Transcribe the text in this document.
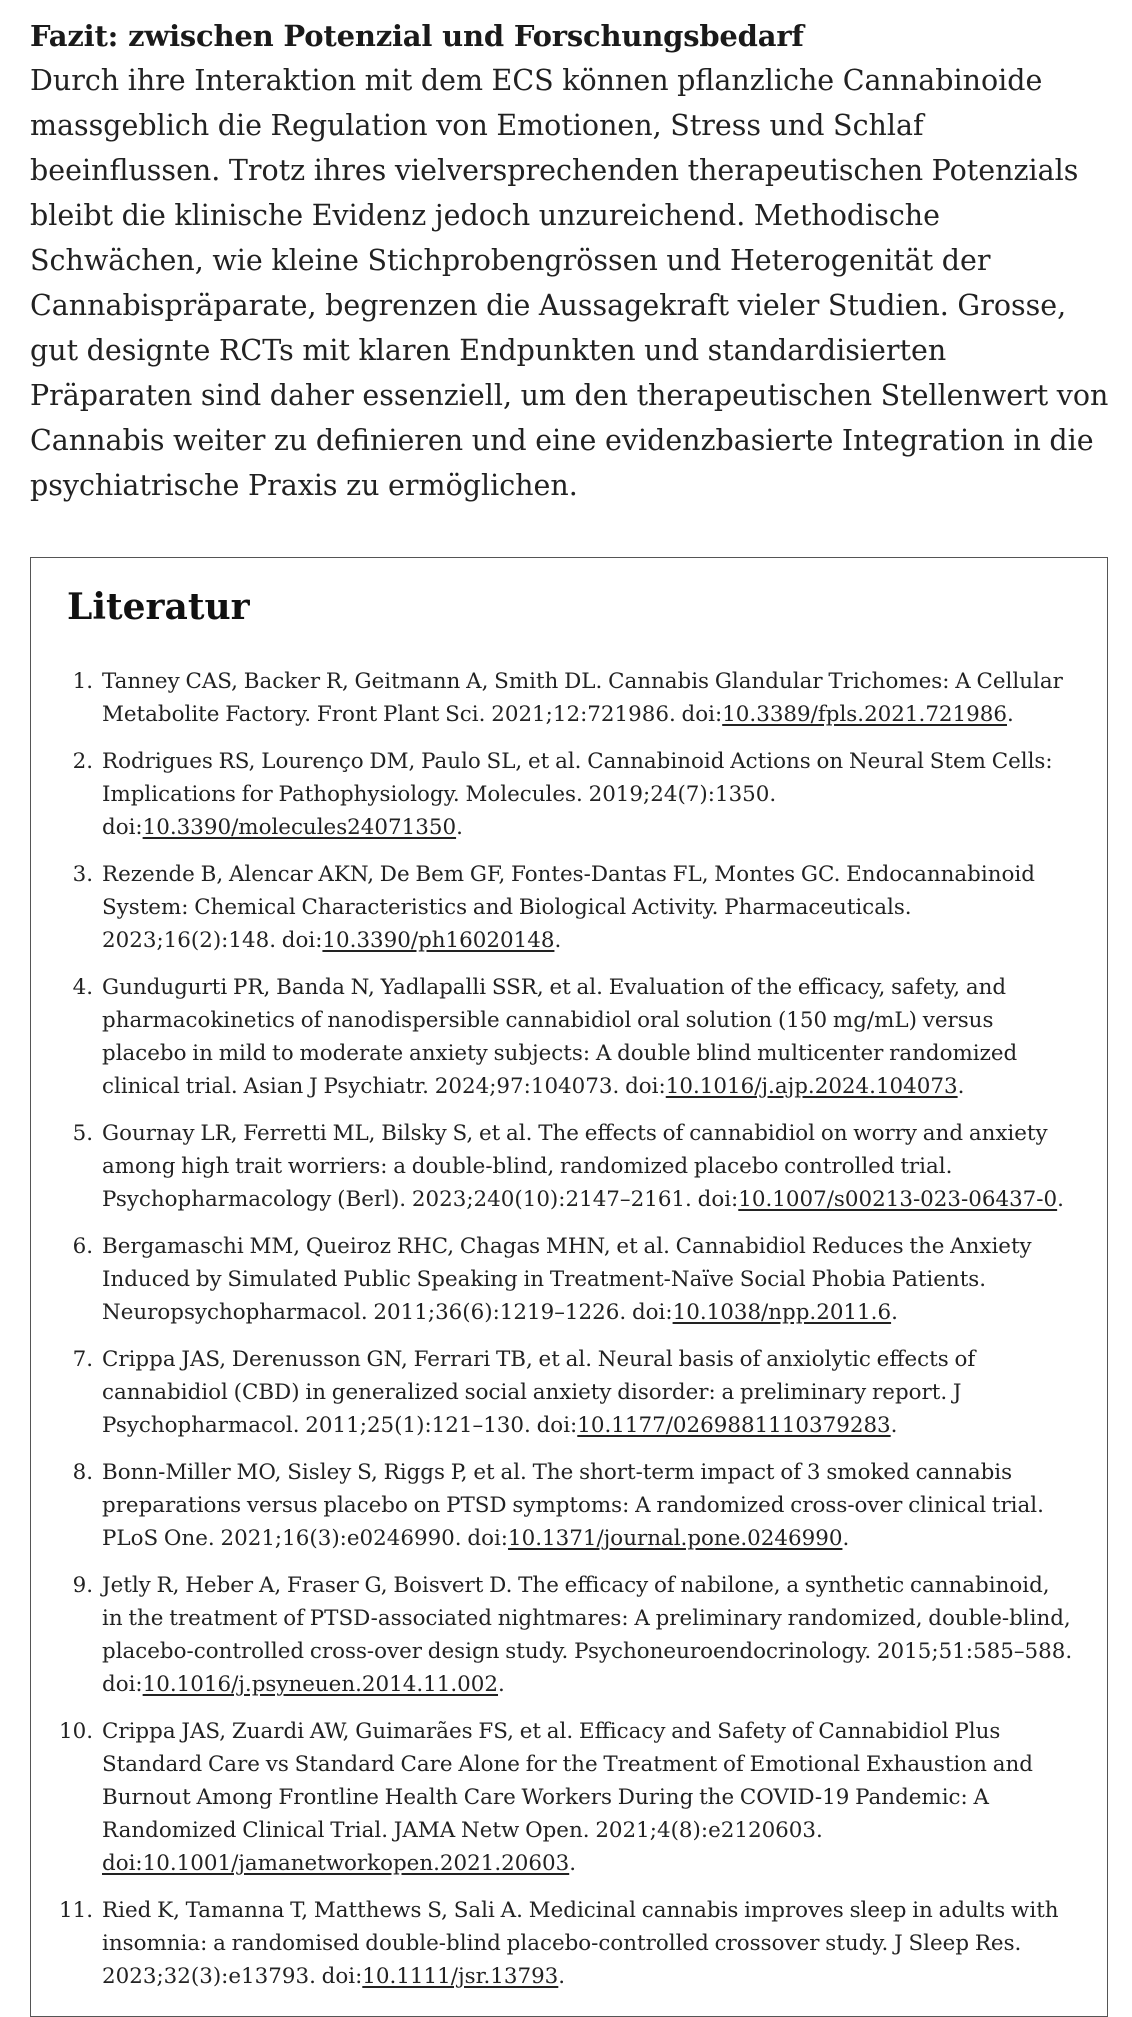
Fazit: zwischen Potenzial und Forschungsbedarf

Durch ihre Interaktion mit dem ECS können pflanzliche Cannabinoide massgeblich die Regulation von Emotionen, Stress und Schlaf beeinflussen. Trotz ihres vielversprechenden therapeutischen Potenzials bleibt die klinische Evidenz jedoch unzureichend. Methodische Schwächen, wie kleine Stichprobengrössen und Heterogenität der Cannabispräparate, begrenzen die Aussagekraft vieler Studien. Grosse, gut designte RCTs mit klaren Endpunkten und standardisierten Präparaten sind daher essenziell, um den therapeutischen Stellenwert von Cannabis weiter zu definieren und eine evidenzbasierte Integration in die psychiatrische Praxis zu ermöglichen.

Literatur
1. Tanney CAS, Backer R, Geitmann A, Smith DL. Cannabis Glandular Trichomes: A Cellular Metabolite Factory. Front Plant Sci. 2021;12:721986. doi:10.3389/fpls.2021.721986.
2. Rodrigues RS, Lourenço DM, Paulo SL, et al. Cannabinoid Actions on Neural Stem Cells: Implications for Pathophysiology. Molecules. 2019;24(7):1350. doi:10.3390/molecules24071350.
3. Rezende B, Alencar AKN, De Bem GF, Fontes-Dantas FL, Montes GC. Endocannabinoid System: Chemical Characteristics and Biological Activity. Pharmaceuticals. 2023;16(2):148. doi:10.3390/ph16020148.
4. Gundugurti PR, Banda N, Yadlapalli SSR, et al. Evaluation of the efficacy, safety, and pharmacokinetics of nanodispersible cannabidiol oral solution (150 mg/mL) versus placebo in mild to moderate anxiety subjects: A double blind multicenter randomized clinical trial. Asian J Psychiatr. 2024;97:104073. doi:10.1016/j.ajp.2024.104073.
5. Gournay LR, Ferretti ML, Bilsky S, et al. The effects of cannabidiol on worry and anxiety among high trait worriers: a double-blind, randomized placebo controlled trial. Psychopharmacology (Berl). 2023;240(10):2147–2161. doi:10.1007/s00213-023-06437-0.
6. Bergamaschi MM, Queiroz RHC, Chagas MHN, et al. Cannabidiol Reduces the Anxiety Induced by Simulated Public Speaking in Treatment-Naïve Social Phobia Patients. Neuropsychopharmacol. 2011;36(6):1219–1226. doi:10.1038/npp.2011.6.
7. Crippa JAS, Derenusson GN, Ferrari TB, et al. Neural basis of anxiolytic effects of cannabidiol (CBD) in generalized social anxiety disorder: a preliminary report. J Psychopharmacol. 2011;25(1):121–130. doi:10.1177/0269881110379283.
8. Bonn-Miller MO, Sisley S, Riggs P, et al. The short-term impact of 3 smoked cannabis preparations versus placebo on PTSD symptoms: A randomized cross-over clinical trial. PLoS One. 2021;16(3):e0246990. doi:10.1371/journal.pone.0246990.
9. Jetly R, Heber A, Fraser G, Boisvert D. The efficacy of nabilone, a synthetic cannabinoid, in the treatment of PTSD-associated nightmares: A preliminary randomized, double-blind, placebo-controlled cross-over design study. Psychoneuroendocrinology. 2015;51:585–588. doi:10.1016/j.psyneuen.2014.11.002.
10. Crippa JAS, Zuardi AW, Guimarães FS, et al. Efficacy and Safety of Cannabidiol Plus Standard Care vs Standard Care Alone for the Treatment of Emotional Exhaustion and Burnout Among Frontline Health Care Workers During the COVID-19 Pandemic: A Randomized Clinical Trial. JAMA Netw Open. 2021;4(8):e2120603. doi:10.1001/jamanetworkopen.2021.20603.
11. Ried K, Tamanna T, Matthews S, Sali A. Medicinal cannabis improves sleep in adults with insomnia: a randomised double-blind placebo-controlled crossover study. J Sleep Res. 2023;32(3):e13793. doi:10.1111/jsr.13793.
